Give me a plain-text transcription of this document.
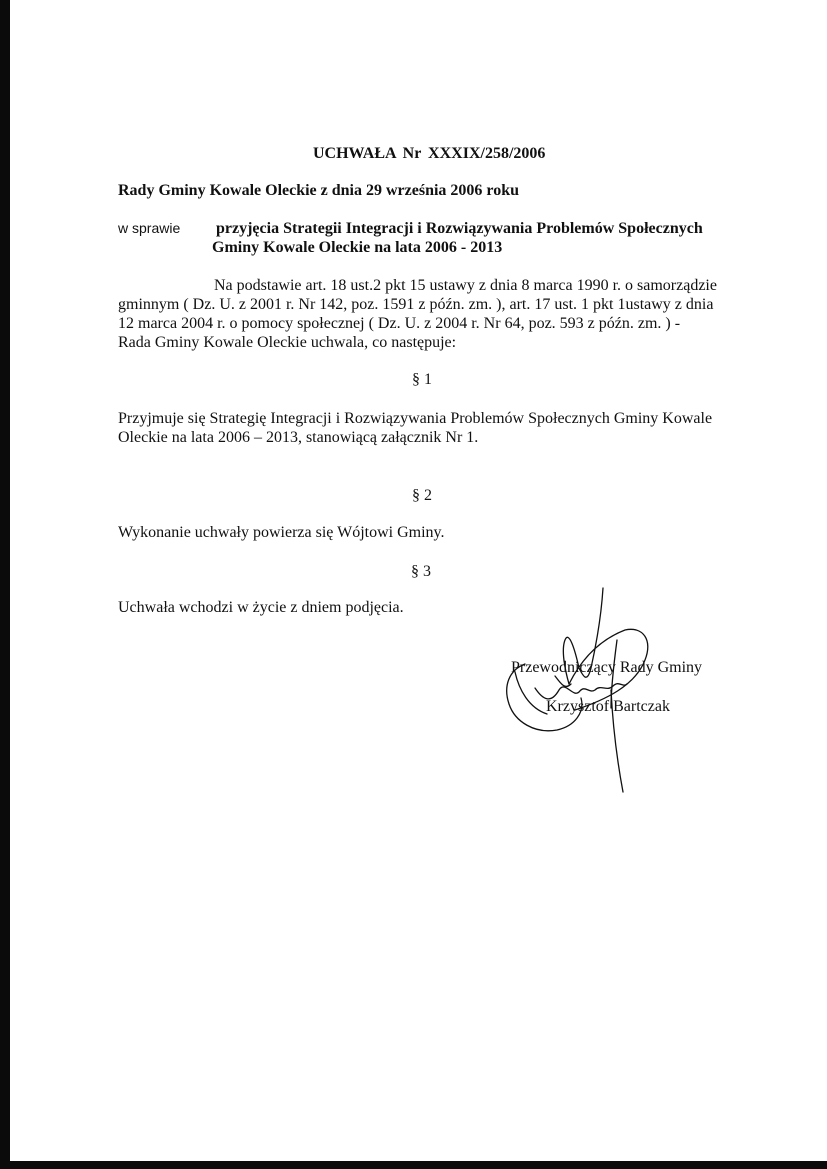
UCHWAŁA Nr XXXIX/258/2006
Rady Gminy Kowale Oleckie z dnia 29 września 2006 roku
w sprawie przyjęcia Strategii Integracji i Rozwiązywania Problemów Społecznych
Gminy Kowale Oleckie na lata 2006 - 2013
Na podstawie art. 18 ust.2 pkt 15 ustawy z dnia 8 marca 1990 r. o samorządzie
gminnym ( Dz. U. z 2001 r. Nr 142, poz. 1591 z późn. zm. ), art. 17 ust. 1 pkt 1ustawy z dnia
12 marca 2004 r. o pomocy społecznej ( Dz. U. z 2004 r. Nr 64, poz. 593 z późn. zm. ) -
Rada Gminy Kowale Oleckie uchwala, co następuje:
§ 1
Przyjmuje się Strategię Integracji i Rozwiązywania Problemów Społecznych Gminy Kowale
Oleckie na lata 2006 – 2013, stanowiącą załącznik Nr 1.
§ 2
Wykonanie uchwały powierza się Wójtowi Gminy.
§ 3
Uchwała wchodzi w życie z dniem podjęcia.
Przewodniczący Rady Gminy
Krzysztof Bartczak
